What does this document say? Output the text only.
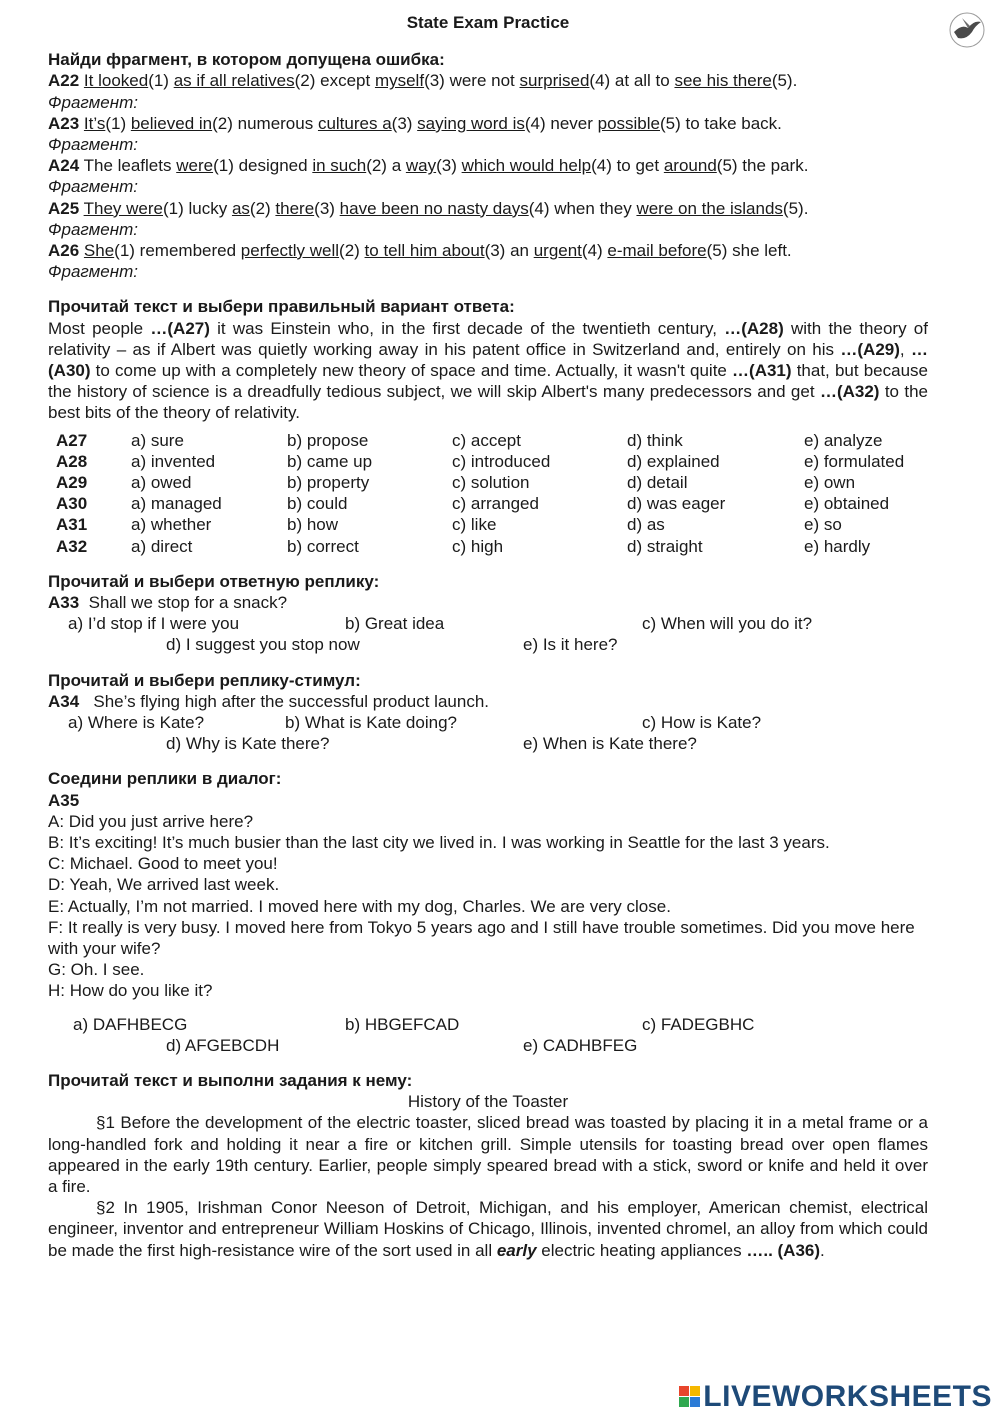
State Exam Practice
Найди фрагмент, в котором допущена ошибка:
A22 It looked(1) as if all relatives(2) except myself(3) were not surprised(4) at all to see his there(5).
Фрагмент:
A23 It’s(1) believed in(2) numerous cultures a(3) saying word is(4) never possible(5) to take back.
Фрагмент:
A24 The leaflets were(1) designed in such(2) a way(3) which would help(4) to get around(5) the park.
Фрагмент:
A25 They were(1) lucky as(2) there(3) have been no nasty days(4) when they were on the islands(5).
Фрагмент:
A26 She(1) remembered perfectly well(2) to tell him about(3) an urgent(4) e-mail before(5) she left.
Фрагмент:
Прочитай текст и выбери правильный вариант ответа:
Most people …(A27) it was Einstein who, in the first decade of the twentieth century, …(A28) with the theory of relativity – as if Albert was quietly working away in his patent office in Switzerland and, entirely on his …(A29), …(A30) to come up with a completely new theory of space and time. Actually, it wasn't quite …(A31) that, but because the history of science is a dreadfully tedious subject, we will skip Albert's many predecessors and get …(A32) to the best bits of the theory of relativity.
A27	a) sure	b) propose	c) accept	d) think	e) analyze
A28	a) invented	b) came up	c) introduced	d) explained	e) formulated
A29	a) owed	b) property	c) solution	d) detail	e) own
A30	a) managed	b) could	c) arranged	d) was eager	e) obtained
A31	a) whether	b) how	c) like	d) as	e) so
A32	a) direct	b) correct	c) high	d) straight	e) hardly
Прочитай и выбери ответную реплику:
A33 Shall we stop for a snack?
a) I’d stop if I were you	b) Great idea	c) When will you do it?
d) I suggest you stop now	e) Is it here?
Прочитай и выбери реплику-стимул:
A34 She’s flying high after the successful product launch.
a) Where is Kate?	b) What is Kate doing?	c) How is Kate?
d) Why is Kate there?	e) When is Kate there?
Соедини реплики в диалог:
A35
A: Did you just arrive here?
B: It’s exciting! It’s much busier than the last city we lived in. I was working in Seattle for the last 3 years.
C: Michael. Good to meet you!
D: Yeah, We arrived last week.
E: Actually, I’m not married. I moved here with my dog, Charles. We are very close.
F: It really is very busy. I moved here from Tokyo 5 years ago and I still have trouble sometimes. Did you move here with your wife?
G: Oh. I see.
H: How do you like it?
a) DAFHBECG	b) HBGEFCAD	c) FADEGBHC
d) AFGEBCDH	e) CADHBFEG
Прочитай текст и выполни задания к нему:
History of the Toaster
§1 Before the development of the electric toaster, sliced bread was toasted by placing it in a metal frame or a long-handled fork and holding it near a fire or kitchen grill. Simple utensils for toasting bread over open flames appeared in the early 19th century. Earlier, people simply speared bread with a stick, sword or knife and held it over a fire.
§2 In 1905, Irishman Conor Neeson of Detroit, Michigan, and his employer, American chemist, electrical engineer, inventor and entrepreneur William Hoskins of Chicago, Illinois, invented chromel, an alloy from which could be made the first high-resistance wire of the sort used in all early electric heating appliances ….. (A36).
LIVEWORKSHEETS
